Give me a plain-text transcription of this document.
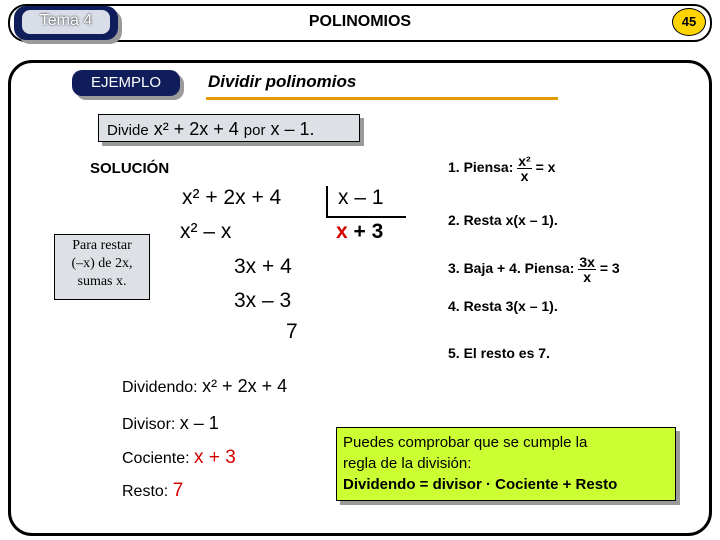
Tema 4	POLINOMIOS	45
EJEMPLO	Dividir polinomios
Divide x² + 2x + 4 por x – 1.
SOLUCIÓN
Para restar
(–x) de 2x,
sumas x.
x² + 2x + 4	x – 1
x² – x	x + 3
3x + 4
3x – 3
7
1. Piensa: $\frac{\text{x²}}{x} = x$
2. Resta x(x – 1).
3. Baja + 4. Piensa: $\frac{3x}{x} = 3$
4. Resta 3(x – 1).
5. El resto es 7.
Dividendo: x² + 2x + 4
Divisor: x – 1
Cociente: x + 3
Resto: 7
Puedes comprobar que se cumple la
regla de la división:
Dividendo = divisor · Cociente + Resto
